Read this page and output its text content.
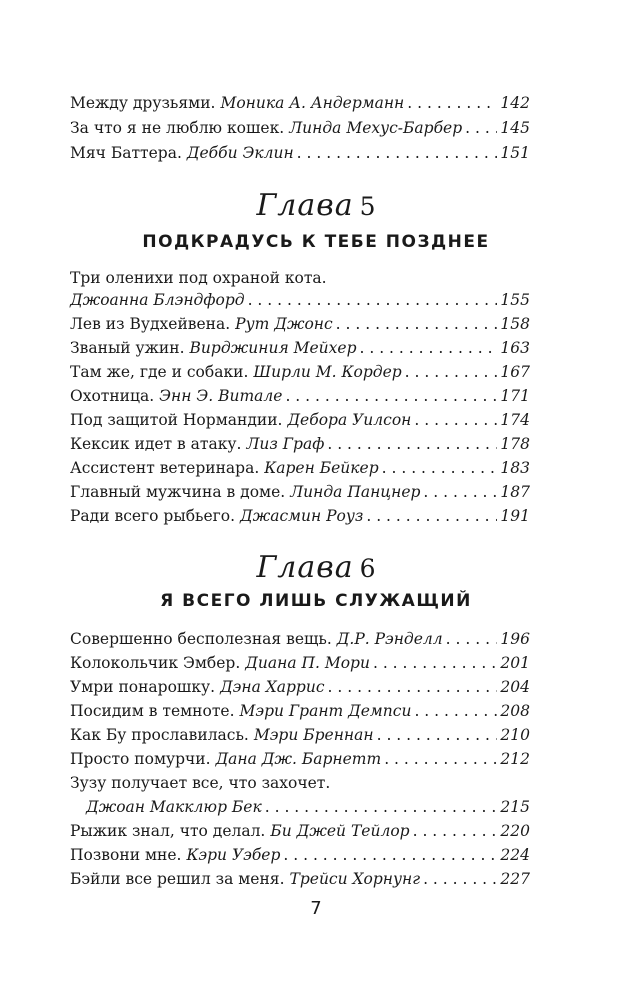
Между друзьями. Моника А. Андерманн . . .	142
За что я не люблю кошек. Линда Мехус-Барбер . . . 145
Мяч Баттера. Дебби Эклин . . .	151
Глава 5
ПОДКРАДУСЬ К ТЕБЕ ПОЗДНЕЕ
Три оленихи под охраной кота.
Джоанна Блэндфорд . . .	155
Лев из Вудхейвена. Рут Джонс . . .	158
Званый ужин. Вирджиния Мейхер . . .	163
Там же, где и собаки. Ширли М. Кордер . . .	167
Охотница. Энн Э. Витале . . .	171
Под защитой Нормандии. Дебора Уилсон . . .	174
Кексик идет в атаку. Лиз Граф . . .	178
Ассистент ветеринара. Карен Бейкер . . .	183
Главный мужчина в доме. Линда Панцнер . . .	187
Ради всего рыбьего. Джасмин Роуз . . .	191
Глава 6
Я ВСЕГО ЛИШЬ СЛУЖАЩИЙ
Совершенно бесполезная вещь. Д.Р. Рэнделл . . .	196
Колокольчик Эмбер. Диана П. Мори . . .	201
Умри понарошку. Дэна Харрис . . .	204
Посидим в темноте. Мэри Грант Демпси . . .	208
Как Бу прославилась. Мэри Бреннан . . .	210
Просто помурчи. Дана Дж. Барнетт . . .	212
Зузу получает все, что захочет.
Джоан Макклюр Бек . . .	215
Рыжик знал, что делал. Би Джей Тейлор . . .	220
Позвони мне. Кэри Уэбер . . .	224
Бэйли все решил за меня. Трейси Хорнунг . . .	227
7
